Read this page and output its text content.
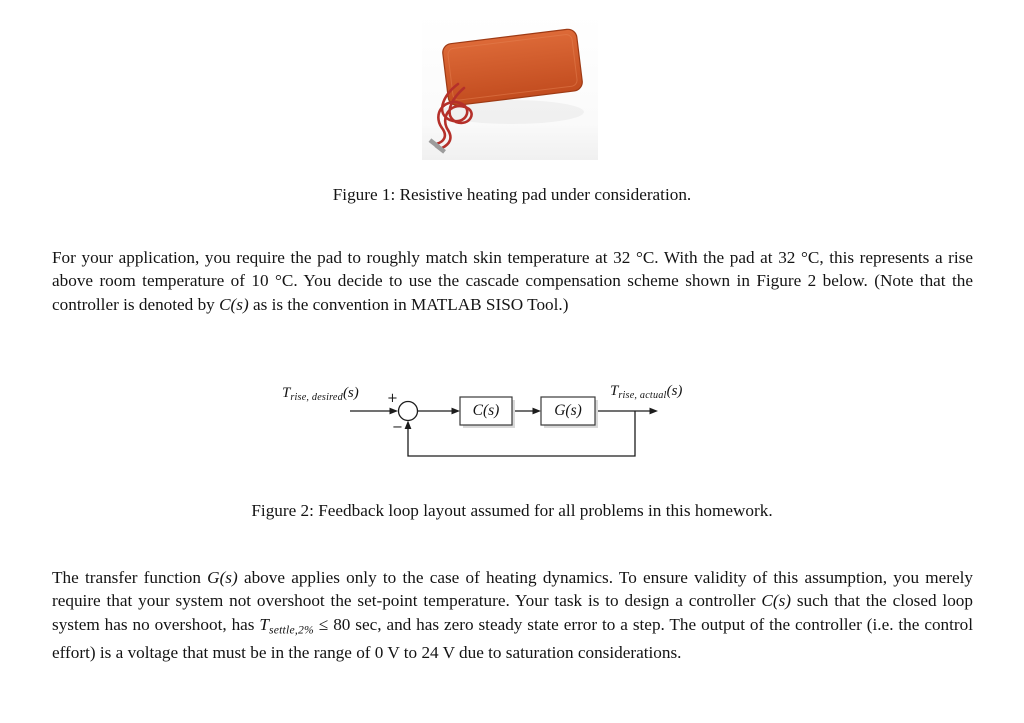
Figure 1: Resistive heating pad under consideration.

For your application, you require the pad to roughly match skin temperature at 32 °C. With the pad at 32 °C, this represents a rise above room temperature of 10 °C. You decide to use the cascade compensation scheme shown in Figure 2 below. (Note that the controller is denoted by C(s) as is the convention in MATLAB SISO Tool.)

$T_{rise, desired}(s)$ +
−
C(s)	G(s)
$T_{rise, actual}(s)$

Figure 2: Feedback loop layout assumed for all problems in this homework.

The transfer function G(s) above applies only to the case of heating dynamics. To ensure validity of this assumption, you merely require that your system not overshoot the set-point temperature. Your task is to design a controller C(s) such that the closed loop system has no overshoot, has $T_{settle,2\%} \le 80$ sec, and has zero steady state error to a step. The output of the controller (i.e. the control effort) is a voltage that must be in the range of 0 V to 24 V due to saturation considerations.
